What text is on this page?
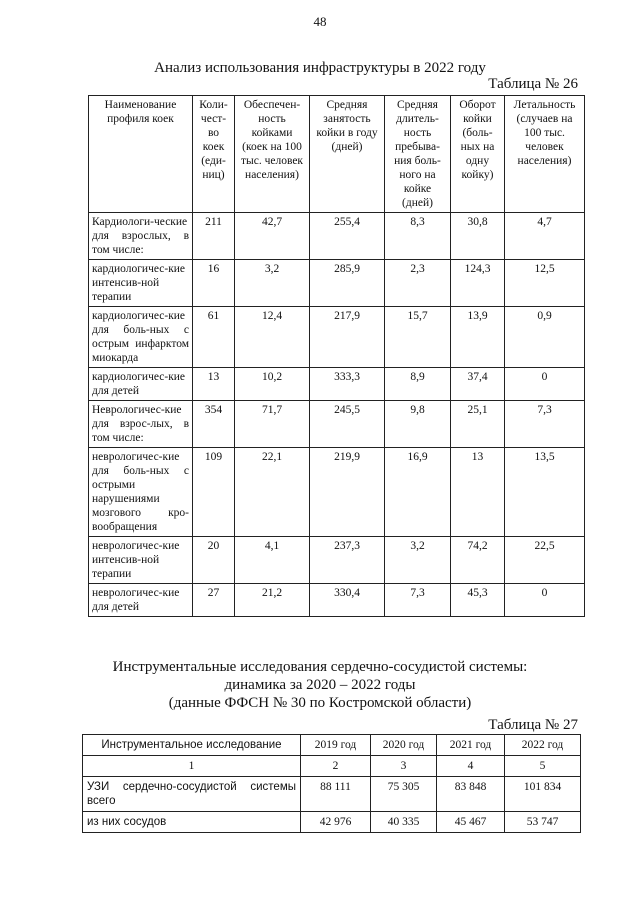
48
Анализ использования инфраструктуры в 2022 году
Таблица № 26
Наименование профиля коек	Коли-чест-во коек (еди-ниц)	Обеспечен-ность койками (коек на 100 тыс. человек населения)	Средняя занятость койки в году (дней)	Средняя длитель-ность пребыва-ния боль-ного на койке (дней)	Оборот койки (боль-ных на одну койку)	Летальность (случаев на 100 тыс. человек населения)
Кардиологи-ческие для взрослых, в том числе:	211	42,7	255,4	8,3	30,8	4,7
кардиологичес-кие интенсив-ной терапии	16	3,2	285,9	2,3	124,3	12,5
кардиологичес-кие для боль-ных с острым инфарктом миокарда	61	12,4	217,9	15,7	13,9	0,9
кардиологичес-кие для детей	13	10,2	333,3	8,9	37,4	0
Неврологичес-кие для взрос-лых, в том числе:	354	71,7	245,5	9,8	25,1	7,3
неврологичес-кие для боль-ных с острыми нарушениями мозгового кро-вообращения	109	22,1	219,9	16,9	13	13,5
неврологичес-кие интенсив-ной терапии	20	4,1	237,3	3,2	74,2	22,5
неврологичес-кие для детей	27	21,2	330,4	7,3	45,3	0
Инструментальные исследования сердечно-сосудистой системы:
динамика за 2020 – 2022 годы
(данные ФФСН № 30 по Костромской области)
Таблица № 27
Инструментальное исследование	2019 год	2020 год	2021 год	2022 год
1	2	3	4	5
УЗИ сердечно-сосудистой системы всего	88 111	75 305	83 848	101 834
из них сосудов	42 976	40 335	45 467	53 747
